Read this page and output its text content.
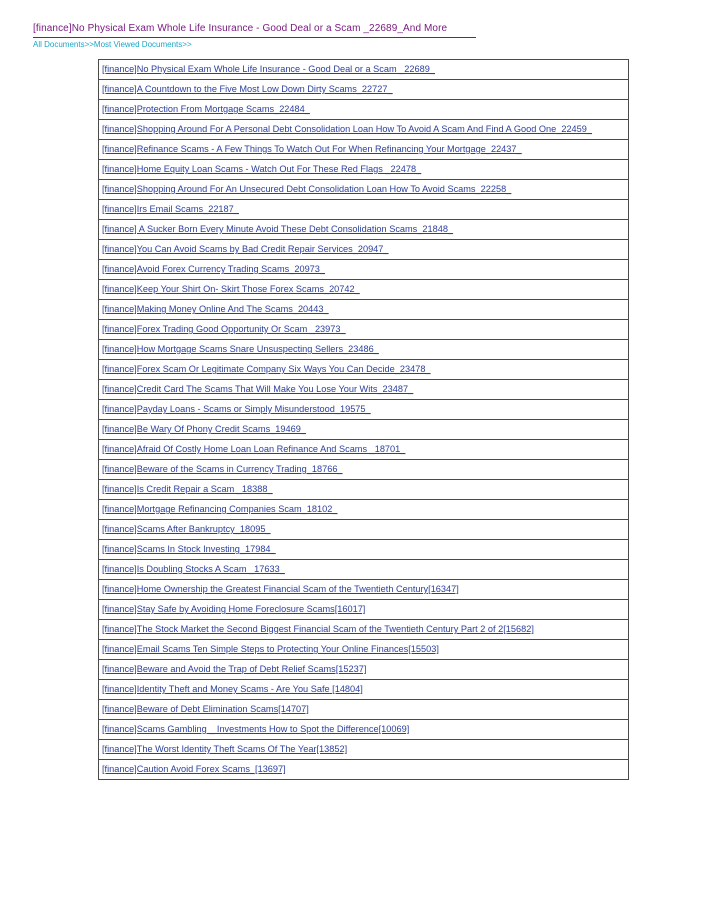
[finance]No Physical Exam Whole Life Insurance - Good Deal or a Scam _22689_And More
All Documents>>Most Viewed Documents>>
[finance]No Physical Exam Whole Life Insurance - Good Deal or a Scam _22689_
[finance]A Countdown to the Five Most Low Down Dirty Scams_22727_
[finance]Protection From Mortgage Scams_22484_
[finance]Shopping Around For A Personal Debt Consolidation Loan How To Avoid A Scam And Find A Good One_22459_
[finance]Refinance Scams - A Few Things To Watch Out For When Refinancing Your Mortgage_22437_
[finance]Home Equity Loan Scams - Watch Out For These Red Flags _22478_
[finance]Shopping Around For An Unsecured Debt Consolidation Loan How To Avoid Scams_22258_
[finance]Irs Email Scams_22187_
[finance] A Sucker Born Every Minute Avoid These Debt Consolidation Scams_21848_
[finance]You Can Avoid Scams by Bad Credit Repair Services_20947_
[finance]Avoid Forex Currency Trading Scams_20973_
[finance]Keep Your Shirt On- Skirt Those Forex Scams_20742_
[finance]Making Money Online And The Scams_20443_
[finance]Forex Trading Good Opportunity Or Scam _23973_
[finance]How Mortgage Scams Snare Unsuspecting Sellers_23486_
[finance]Forex Scam Or Legitimate Company Six Ways You Can Decide_23478_
[finance]Credit Card The Scams That Will Make You Lose Your Wits_23487_
[finance]Payday Loans - Scams or Simply Misunderstood_19575_
[finance]Be Wary Of Phony Credit Scams_19469_
[finance]Afraid Of Costly Home Loan Loan Refinance And Scams _18701_
[finance]Beware of the Scams in Currency Trading_18766_
[finance]Is Credit Repair a Scam _18388_
[finance]Mortgage Refinancing Companies Scam_18102_
[finance]Scams After Bankruptcy_18095_
[finance]Scams In Stock Investing_17984_
[finance]Is Doubling Stocks A Scam _17633_
[finance]Home Ownership the Greatest Financial Scam of the Twentieth Century[16347]
[finance]Stay Safe by Avoiding Home Foreclosure Scams[16017]
[finance]The Stock Market the Second Biggest Financial Scam of the Twentieth Century Part 2 of 2[15682]
[finance]Email Scams Ten Simple Steps to Protecting Your Online Finances[15503]
[finance]Beware and Avoid the Trap of Debt Relief Scams[15237]
[finance]Identity Theft and Money Scams - Are You Safe [14804]
[finance]Beware of Debt Elimination Scams[14707]
[finance]Scams Gambling _ Investments How to Spot the Difference[10069]
[finance]The Worst Identity Theft Scams Of The Year[13852]
[finance]Caution Avoid Forex Scams_[13697]
